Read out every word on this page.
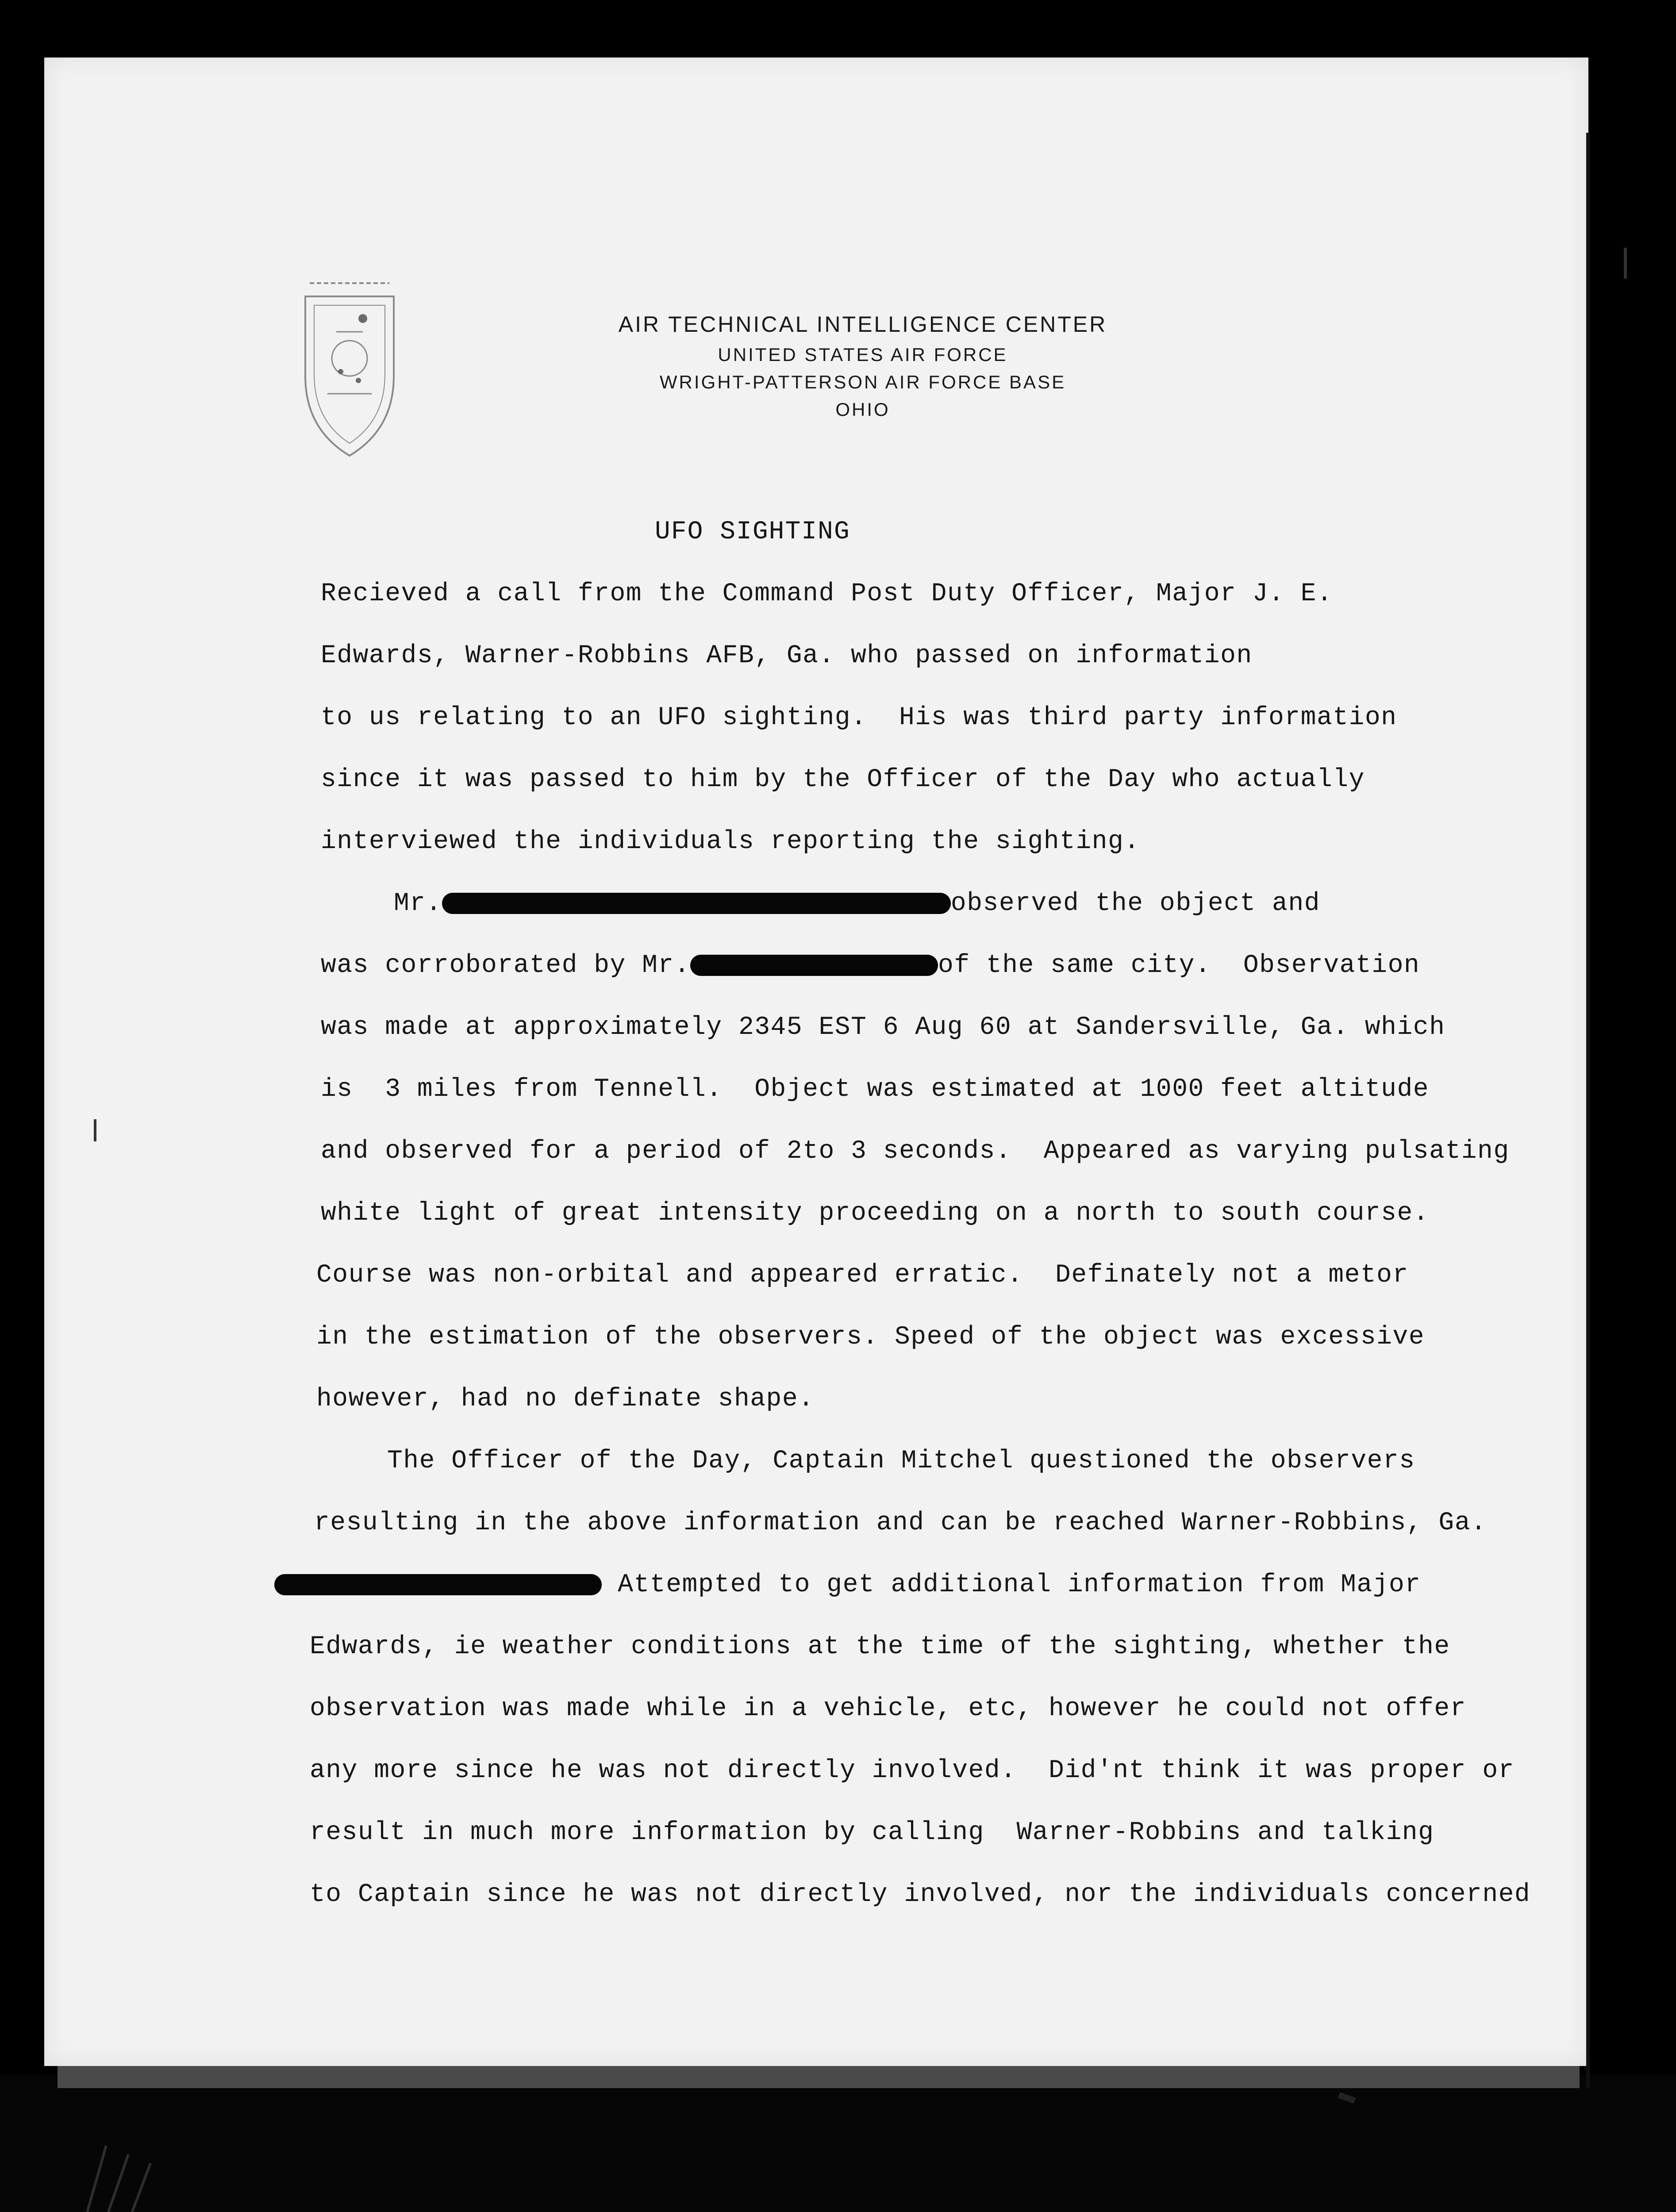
AIR TECHNICAL INTELLIGENCE CENTER
UNITED STATES AIR FORCE
WRIGHT-PATTERSON AIR FORCE BASE
OHIO
UFO SIGHTING
Recieved a call from the Command Post Duty Officer, Major J. E.
Edwards, Warner-Robbins AFB, Ga. who passed on information
to us relating to an UFO sighting.  His was third party information
since it was passed to him by the Officer of the Day who actually
interviewed the individuals reporting the sighting.
Mr.	observed the object and
was corroborated by Mr.	of the same city.  Observation
was made at approximately 2345 EST 6 Aug 60 at Sandersville, Ga. which
is  3 miles from Tennell.  Object was estimated at 1000 feet altitude
and observed for a period of 2to 3 seconds.  Appeared as varying pulsating
white light of great intensity proceeding on a north to south course.
Course was non-orbital and appeared erratic.  Definately not a metor
in the estimation of the observers. Speed of the object was excessive
however, had no definate shape.
The Officer of the Day, Captain Mitchel questioned the observers
resulting in the above information and can be reached Warner-Robbins, Ga.
Attempted to get additional information from Major
Edwards, ie weather conditions at the time of the sighting, whether the
observation was made while in a vehicle, etc, however he could not offer
any more since he was not directly involved.  Did'nt think it was proper or
result in much more information by calling  Warner-Robbins and talking
to Captain since he was not directly involved, nor the individuals concerned
